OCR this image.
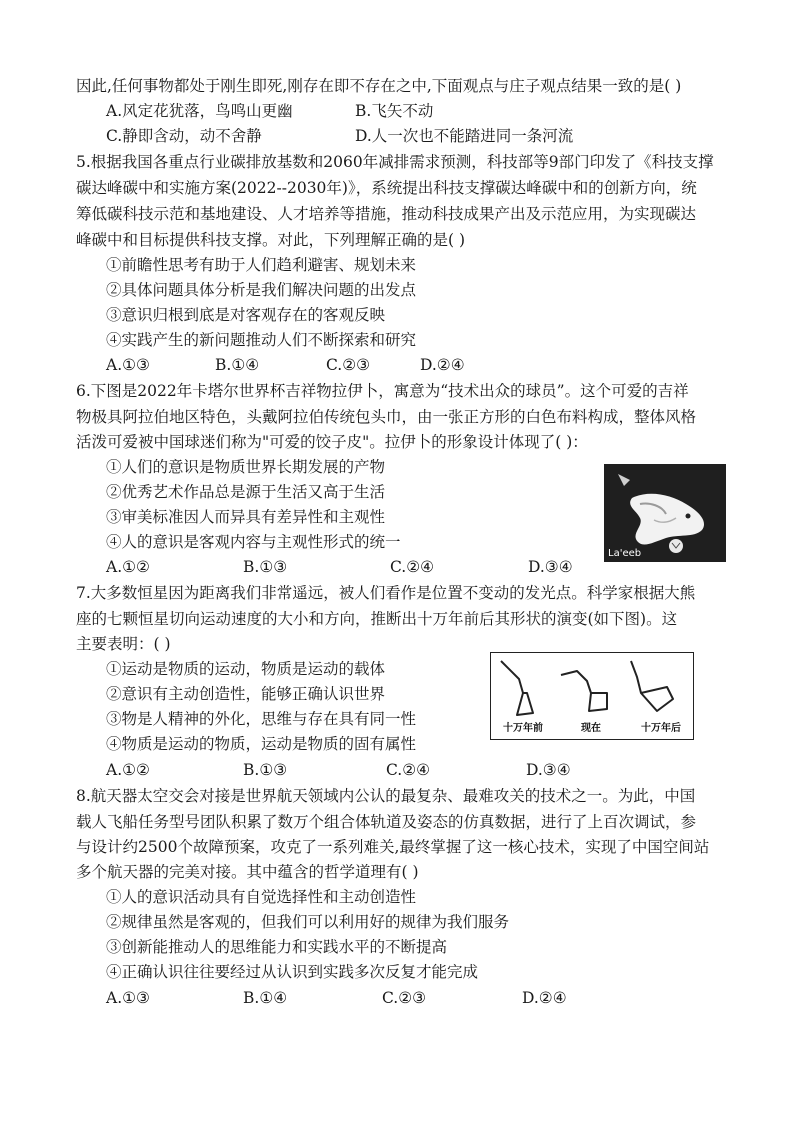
因此,任何事物都处于刚生即死,刚存在即不存在之中,下面观点与庄子观点结果一致的是( )
A.风定花犹落，鸟鸣山更幽	B.飞矢不动
C.静即含动，动不舍静	D.人一次也不能踏进同一条河流
5.根据我国各重点行业碳排放基数和2060年减排需求预测，科技部等9部门印发了《科技支撑
碳达峰碳中和实施方案(2022--2030年)》，系统提出科技支撑碳达峰碳中和的创新方向，统
筹低碳科技示范和基地建设、人才培养等措施，推动科技成果产出及示范应用，为实现碳达
峰碳中和目标提供科技支撑。对此，下列理解正确的是( )
①前瞻性思考有助于人们趋利避害、规划未来
②具体问题具体分析是我们解决问题的出发点
③意识归根到底是对客观存在的客观反映
④实践产生的新问题推动人们不断探索和研究
A.①③	B.①④	C.②③	D.②④
6.下图是2022年卡塔尔世界杯吉祥物拉伊卜，寓意为“技术出众的球员”。这个可爱的吉祥
物极具阿拉伯地区特色，头戴阿拉伯传统包头巾，由一张正方形的白色布料构成，整体风格
活泼可爱被中国球迷们称为"可爱的饺子皮"。拉伊卜的形象设计体现了( )：
①人们的意识是物质世界长期发展的产物
②优秀艺术作品总是源于生活又高于生活
③审美标准因人而异具有差异性和主观性
④人的意识是客观内容与主观性形式的统一
A.①②	B.①③	C.②④	D.③④
La'eeb
7.大多数恒星因为距离我们非常遥远，被人们看作是位置不变动的发光点。科学家根据大熊
座的七颗恒星切向运动速度的大小和方向，推断出十万年前后其形状的演变(如下图)。这
主要表明：( )
①运动是物质的运动，物质是运动的载体
②意识有主动创造性，能够正确认识世界
③物是人精神的外化，思维与存在具有同一性
④物质是运动的物质，运动是物质的固有属性
A.①②	B.①③	C.②④	D.③④
十万年前	现在	十万年后
8.航天器太空交会对接是世界航天领域内公认的最复杂、最难攻关的技术之一。为此，中国
载人飞船任务型号团队积累了数万个组合体轨道及姿态的仿真数据，进行了上百次调试，参
与设计约2500个故障预案，攻克了一系列难关,最终掌握了这一核心技术，实现了中国空间站
多个航天器的完美对接。其中蕴含的哲学道理有( )
①人的意识活动具有自觉选择性和主动创造性
②规律虽然是客观的，但我们可以利用好的规律为我们服务
③创新能推动人的思维能力和实践水平的不断提高
④正确认识往往要经过从认识到实践多次反复才能完成
A.①③	B.①④	C.②③	D.②④
